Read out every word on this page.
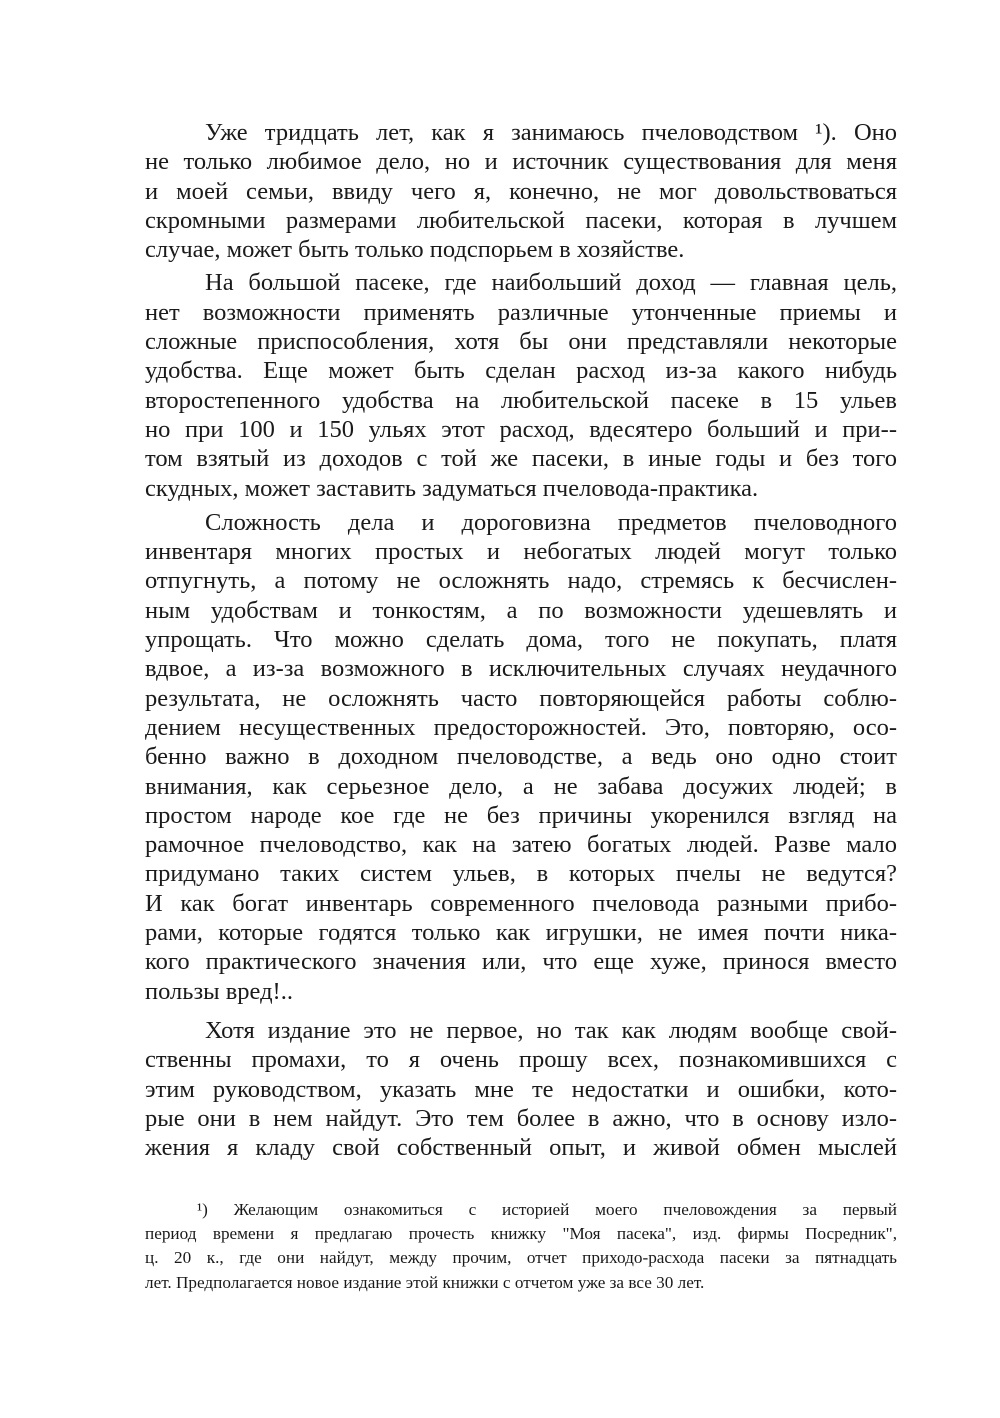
Уже тридцать лет, как я занимаюсь пчеловодством ¹). Оно
не только любимое дело, но и источник существования для меня
и моей семьи, ввиду чего я, конечно, не мог довольствоваться
скромными размерами любительской пасеки, которая в лучшем
случае, может быть только подспорьем в хозяйстве.

На большой пасеке, где наибольший доход — главная цель,
нет возможности применять различные утонченные приемы и
сложные приспособления, хотя бы они представляли некоторые
удобства. Еще может быть сделан расход из-за какого нибудь
второстепенного удобства на любительской пасеке в 15 ульев
но при 100 и 150 ульях этот расход, вдесятеро больший и при--
том взятый из доходов с той же пасеки, в иные годы и без того
скудных, может заставить задуматься пчеловода-практика.

Сложность дела и дороговизна предметов пчеловодного
инвентаря многих простых и небогатых людей могут только
отпугнуть, а потому не осложнять надо, стремясь к бесчислен-
ным удобствам и тонкостям, а по возможности удешевлять и
упрощать. Что можно сделать дома, того не покупать, платя
вдвое, а из-за возможного в исключительных случаях неудачного
результата, не осложнять часто повторяющейся работы соблю-
дением несущественных предосторожностей. Это, повторяю, осо-
бенно важно в доходном пчеловодстве, а ведь оно одно стоит
внимания, как серьезное дело, а не забава досужих людей; в
простом народе кое где не без причины укоренился взгляд на
рамочное пчеловодство, как на затею богатых людей. Разве мало
придумано таких систем ульев, в которых пчелы не ведутся?
И как богат инвентарь современного пчеловода разными прибо-
рами, которые годятся только как игрушки, не имея почти ника-
кого практического значения или, что еще хуже, принося вместо
пользы вред!..

Хотя издание это не первое, но так как людям вообще свой-
ственны промахи, то я очень прошу всех, познакомившихся с
этим руководством, указать мне те недостатки и ошибки, кото-
рые они в нем найдут. Это тем более в ажно, что в основу изло-
жения я кладу свой собственный опыт, и живой обмен мыслей

¹) Желающим ознакомиться с историей моего пчеловождения за первый
период времени я предлагаю прочесть книжку "Моя пасека", изд. фирмы Посредник",
ц. 20 к., где они найдут, между прочим, отчет приходо-расхода пасеки за пятнадцать
лет. Предполагается новое издание этой книжки с отчетом уже за все 30 лет.
